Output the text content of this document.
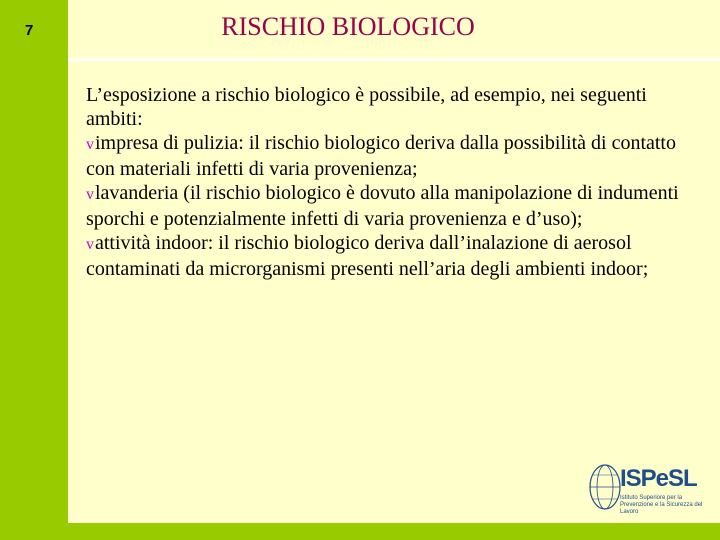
7	RISCHIO BIOLOGICO

L’esposizione a rischio biologico è possibile, ad esempio, nei seguenti ambiti:

vimpresa di pulizia: il rischio biologico deriva dalla possibilità di contatto con materiali infetti di varia provenienza;

vlavanderia (il rischio biologico è dovuto alla manipolazione di indumenti sporchi e potenzialmente infetti di varia provenienza e d’uso);

vattività indoor: il rischio biologico deriva dall’inalazione di aerosol contaminati da microrganismi presenti nell’aria degli ambienti indoor;

ISPeSL
Istituto Superiore per la Prevenzione e la Sicurezza del Lavoro
